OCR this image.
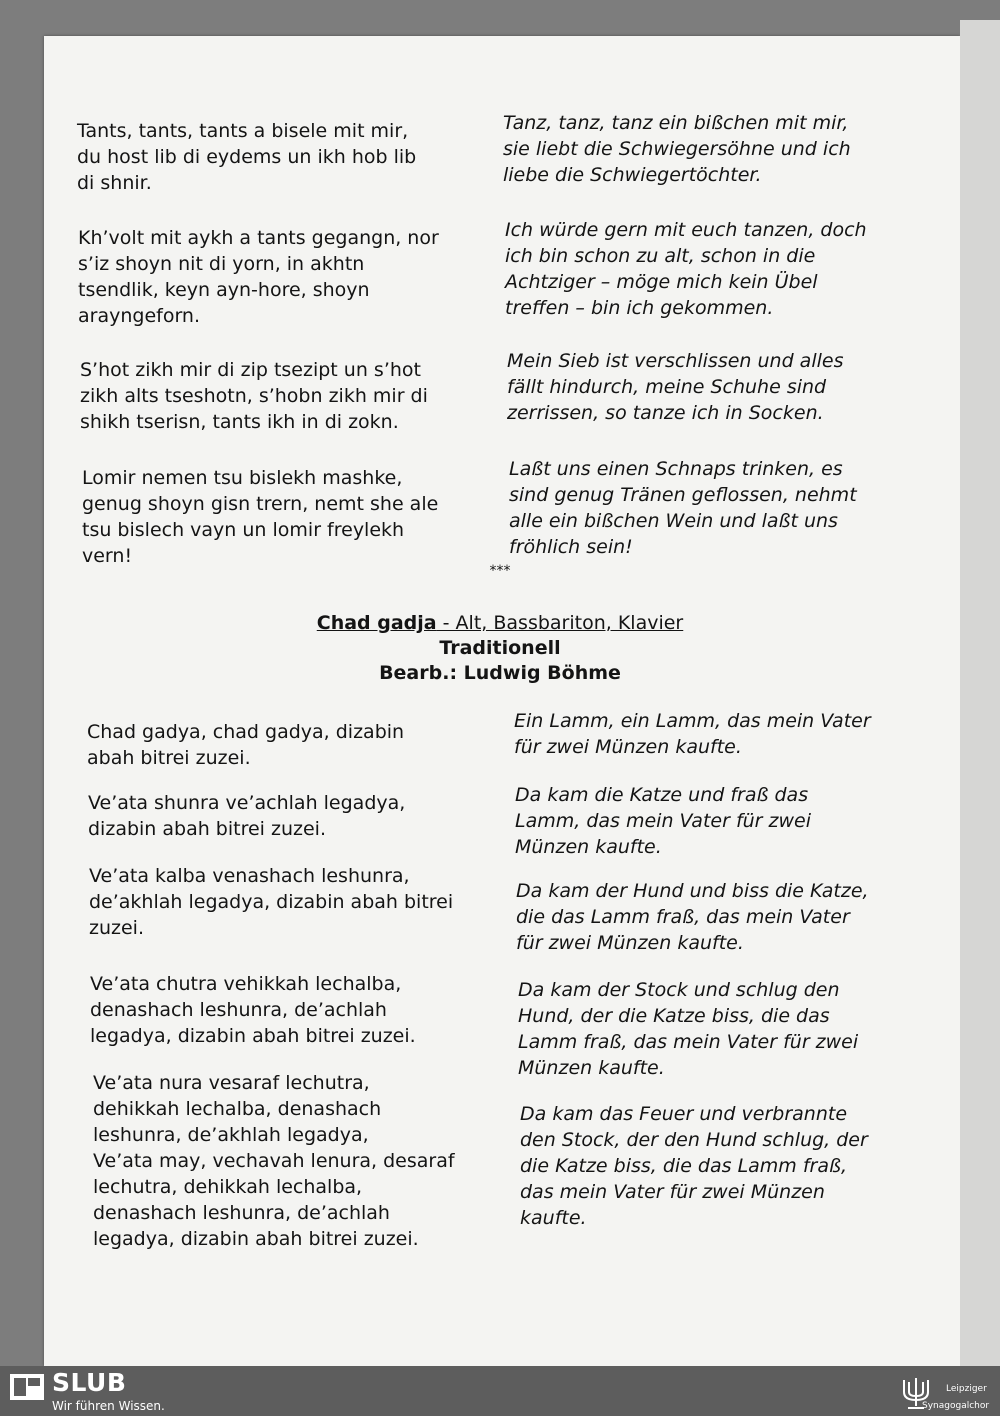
Tants, tants, tants a bisele mit mir,
du host lib di eydems un ikh hob lib
di shnir.

Kh’volt mit aykh a tants gegangn, nor
s’iz shoyn nit di yorn, in akhtn
tsendlik, keyn ayn-hore, shoyn
arayngeforn.

S’hot zikh mir di zip tsezipt un s’hot
zikh alts tseshotn, s’hobn zikh mir di
shikh tserisn, tants ikh in di zokn.

Lomir nemen tsu bislekh mashke,
genug shoyn gisn trern, nemt she ale
tsu bislech vayn un lomir freylekh
vern!

Tanz, tanz, tanz ein bißchen mit mir,
sie liebt die Schwiegersöhne und ich
liebe die Schwiegertöchter.

Ich würde gern mit euch tanzen, doch
ich bin schon zu alt, schon in die
Achtziger – möge mich kein Übel
treffen – bin ich gekommen.

Mein Sieb ist verschlissen und alles
fällt hindurch, meine Schuhe sind
zerrissen, so tanze ich in Socken.

Laßt uns einen Schnaps trinken, es
sind genug Tränen geflossen, nehmt
alle ein bißchen Wein und laßt uns
fröhlich sein!

***

Chad gadja - Alt, Bassbariton, Klavier

Traditionell

Bearb.: Ludwig Böhme

Chad gadya, chad gadya, dizabin
abah bitrei zuzei.

Ve’ata shunra ve’achlah legadya,
dizabin abah bitrei zuzei.

Ve’ata kalba venashach leshunra,
de’akhlah legadya, dizabin abah bitrei
zuzei.

Ve’ata chutra vehikkah lechalba,
denashach leshunra, de’achlah
legadya, dizabin abah bitrei zuzei.

Ve’ata nura vesaraf lechutra,
dehikkah lechalba, denashach
leshunra, de’akhlah legadya,
Ve’ata may, vechavah lenura, desaraf
lechutra, dehikkah lechalba,
denashach leshunra, de’achlah
legadya, dizabin abah bitrei zuzei.

Ein Lamm, ein Lamm, das mein Vater
für zwei Münzen kaufte.

Da kam die Katze und fraß das
Lamm, das mein Vater für zwei
Münzen kaufte.

Da kam der Hund und biss die Katze,
die das Lamm fraß, das mein Vater
für zwei Münzen kaufte.

Da kam der Stock und schlug den
Hund, der die Katze biss, die das
Lamm fraß, das mein Vater für zwei
Münzen kaufte.

Da kam das Feuer und verbrannte
den Stock, der den Hund schlug, der
die Katze biss, die das Lamm fraß,
das mein Vater für zwei Münzen
kaufte.

SLUB
Wir führen Wissen.
Leipziger
Synagogalchor
